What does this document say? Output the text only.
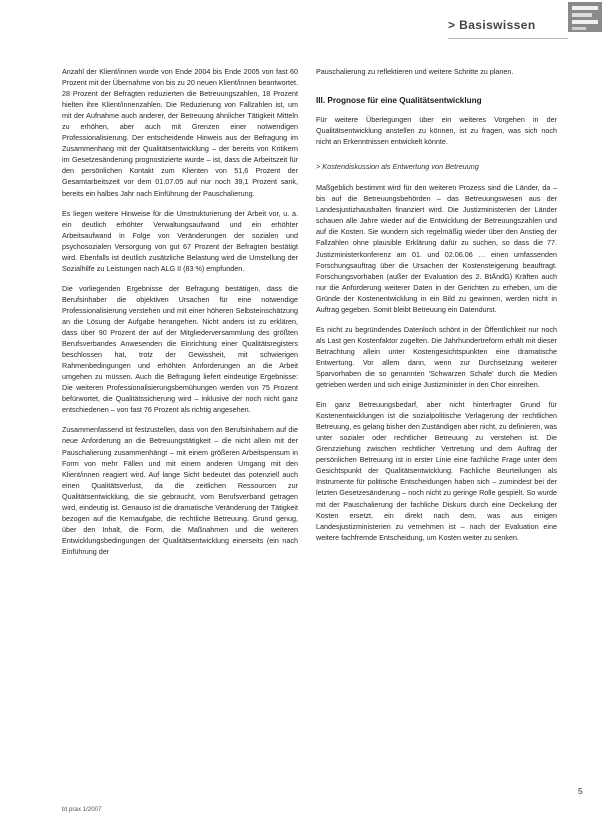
> Basiswissen

Anzahl der Klient/innen wurde von Ende 2004 bis Ende 2005 von fast 60 Prozent mit der Übernahme von bis zu 20 neuen Klient/innen beantwortet. 28 Prozent der Befragten reduzierten die Betreuungszahlen, 18 Prozent hielten ihre Klient/innenzahlen. Die Reduzierung von Fallzahlen ist, um mit der Aufnahme auch anderer, der Betreuung ähnlicher Tätigkeit Mitteln zu erhöhen, aber auch mit Grenzen einer notwendigen Professionalisierung. Der entscheidende Hinweis aus der Befragung im Zusammenhang mit der Qualitätsentwicklung – der bereits von Kritikern im Gesetzesänderung prognostizierte wurde – ist, dass die Arbeitszeit für den persönlichen Kontakt zum Klienten von 51,6 Prozent der Gesamtarbeitszeit vor dem 01.07.05 auf nur noch 39,1 Prozent sank, bereits ein halbes Jahr nach Einführung der Pauschalierung.

Es liegen weitere Hinweise für die Umstrukturierung der Arbeit vor, u. a. ein deutlich erhöhter Verwaltungsaufwand und ein erhöhter Arbeitsaufwand in Folge von Veränderungen der sozialen und psychosozialen Versorgung von gut 67 Prozent der Befragten bestätigt wird. Ebenfalls ist deutlich zusätzliche Belastung wird die Umstellung der Sozialhilfe zu Leistungen nach ALG II (83 %) empfunden.

Die vorliegenden Ergebnisse der Befragung bestätigen, dass die Berufsinhaber die objektiven Ursachen für eine notwendige Professionalisierung verstehen und mit einer höheren Selbsteinschätzung an die Lösung der Aufgabe herangehen. Nicht anders ist zu erklären, dass über 90 Prozent der auf der Mitgliederversammlung des größten Berufsverbandes Anwesenden die Einrichtung einer Qualitätsregisters beschlossen hat, trotz der Gewissheit, mit schwierigen Rahmenbedingungen und erhöhten Anforderungen an die Arbeit umgehen zu müssen. Auch die Befragung liefert eindeutige Ergebnisse: Die weiteren Professionalisierungsbemühungen werden von 75 Prozent befürwortet, die Qualitätssicherung wird – inklusive der noch nicht ganz entschiedenen – von fast 76 Prozent als richtig angesehen.

Zusammenfassend ist festzustellen, dass von den Berufsinhabern auf die neue Anforderung an die Betreuungstätigkeit – die nicht allein mit der Pauschalierung zusammenhängt – mit einem größeren Arbeitspensum in Form von mehr Fällen und mit einem anderen Umgang mit den Klient/innen reagiert wird. Auf lange Sicht bedeutet das potenziell auch einen Qualitätsverlust, da die zeitlichen Ressourcen zur Qualitätsentwicklung, die sie gebraucht, vom Berufsverband getragen wird, eindeutig ist. Genauso ist die dramatische Veränderung der Tätigkeit bezogen auf die Kernaufgabe, die rechtliche Betreuung. Grund genug, über den Inhalt, die Form, die Maßnahmen und die weiteren Entwicklungsbedingungen der Qualitätsentwicklung einerseits (ein nach Einführung der

Pauschalierung zu reflektieren und weitere Schritte zu planen.

III. Prognose für eine Qualitätsentwicklung

Für weitere Überlegungen über ein weiteres Vorgehen in der Qualitätsentwicklung anstellen zu können, ist zu fragen, was sich noch nicht an Erkenntnissen entwickelt könnte.

> Kostendiskussion als Entwertung von Betreuung

Maßgeblich bestimmt wird für den weiteren Prozess sind die Länder, da – bis auf die Betreuungsbehörden – das Betreuungswesen aus der Landesjustizhaushalten finanziert wird. Die Justizministerien der Länder schauen alle Jahre wieder auf die Entwicklung der Betreuungszahlen und auf die Kosten. Sie wundern sich regelmäßig wieder über den Anstieg der Fallzahlen ohne plausible Erklärung dafür zu suchen, so dass die 77. Justizministerkonferenz am 01. und 02.06.06 … einen umfassenden Forschungsauftrag über die Ursachen der Kostensteigerung beauftragt. Forschungsvorhaben (außer der Evaluation des 2. BtÄndG) Kräften auch nur die Anforderung weiterer Daten in der Gerichten zu erheben, um die Gründe der Kostenentwicklung in ein Bild zu gewinnen, werden nicht in Auftrag gegeben. Somit bleibt Betreuung ein Datendurst.

Es nicht zu begründendes Datenloch schönt in der Öffentlichkeit nur noch als Last gen Kostenfaktor zugelten. Die Jahrhundertreform erhält mit dieser Betrachtung allein unter Kostengesichtspunkten eine dramatische Entwertung. Vor allem dann, wenn zur Durchsetzung weiterer Sparvorhaben die so genannten 'Schwarzen Schafe' durch die Medien getrieben werden und sich einige Justizminister in den Chor einreihen.

Ein ganz Betreuungsbedarf, aber nicht hinterfragter Grund für Kostenentwicklungen ist die sozialpolitische Verlagerung der rechtlichen Betreuung, es gelang bisher den Zuständigen aber nicht, zu definieren, was unter sozialer oder rechtlicher Betreuung zu verstehen ist. Die Grenzziehung zwischen rechtlicher Vertretung und dem Auftrag der persönlichen Betreuung ist in erster Linie eine fachliche Frage unter dem Gesichtspunkt der Qualitätsentwicklung. Fachliche Beurteilungen als Instrumente für politische Entscheidungen haben sich – zumindest bei der letzten Gesetzesänderung – noch nicht zu geringe Rolle gespielt. So wurde mit der Pauschalierung der fachliche Diskurs durch eine Deckelung der Kosten ersetzt, ein direkt nach dem, was aus einigen Landesjustizministerien zu vernehmen ist – nach der Evaluation eine weitere fachfremde Entscheidung, um Kosten weiter zu senken.

bt prax 1/2007
5
